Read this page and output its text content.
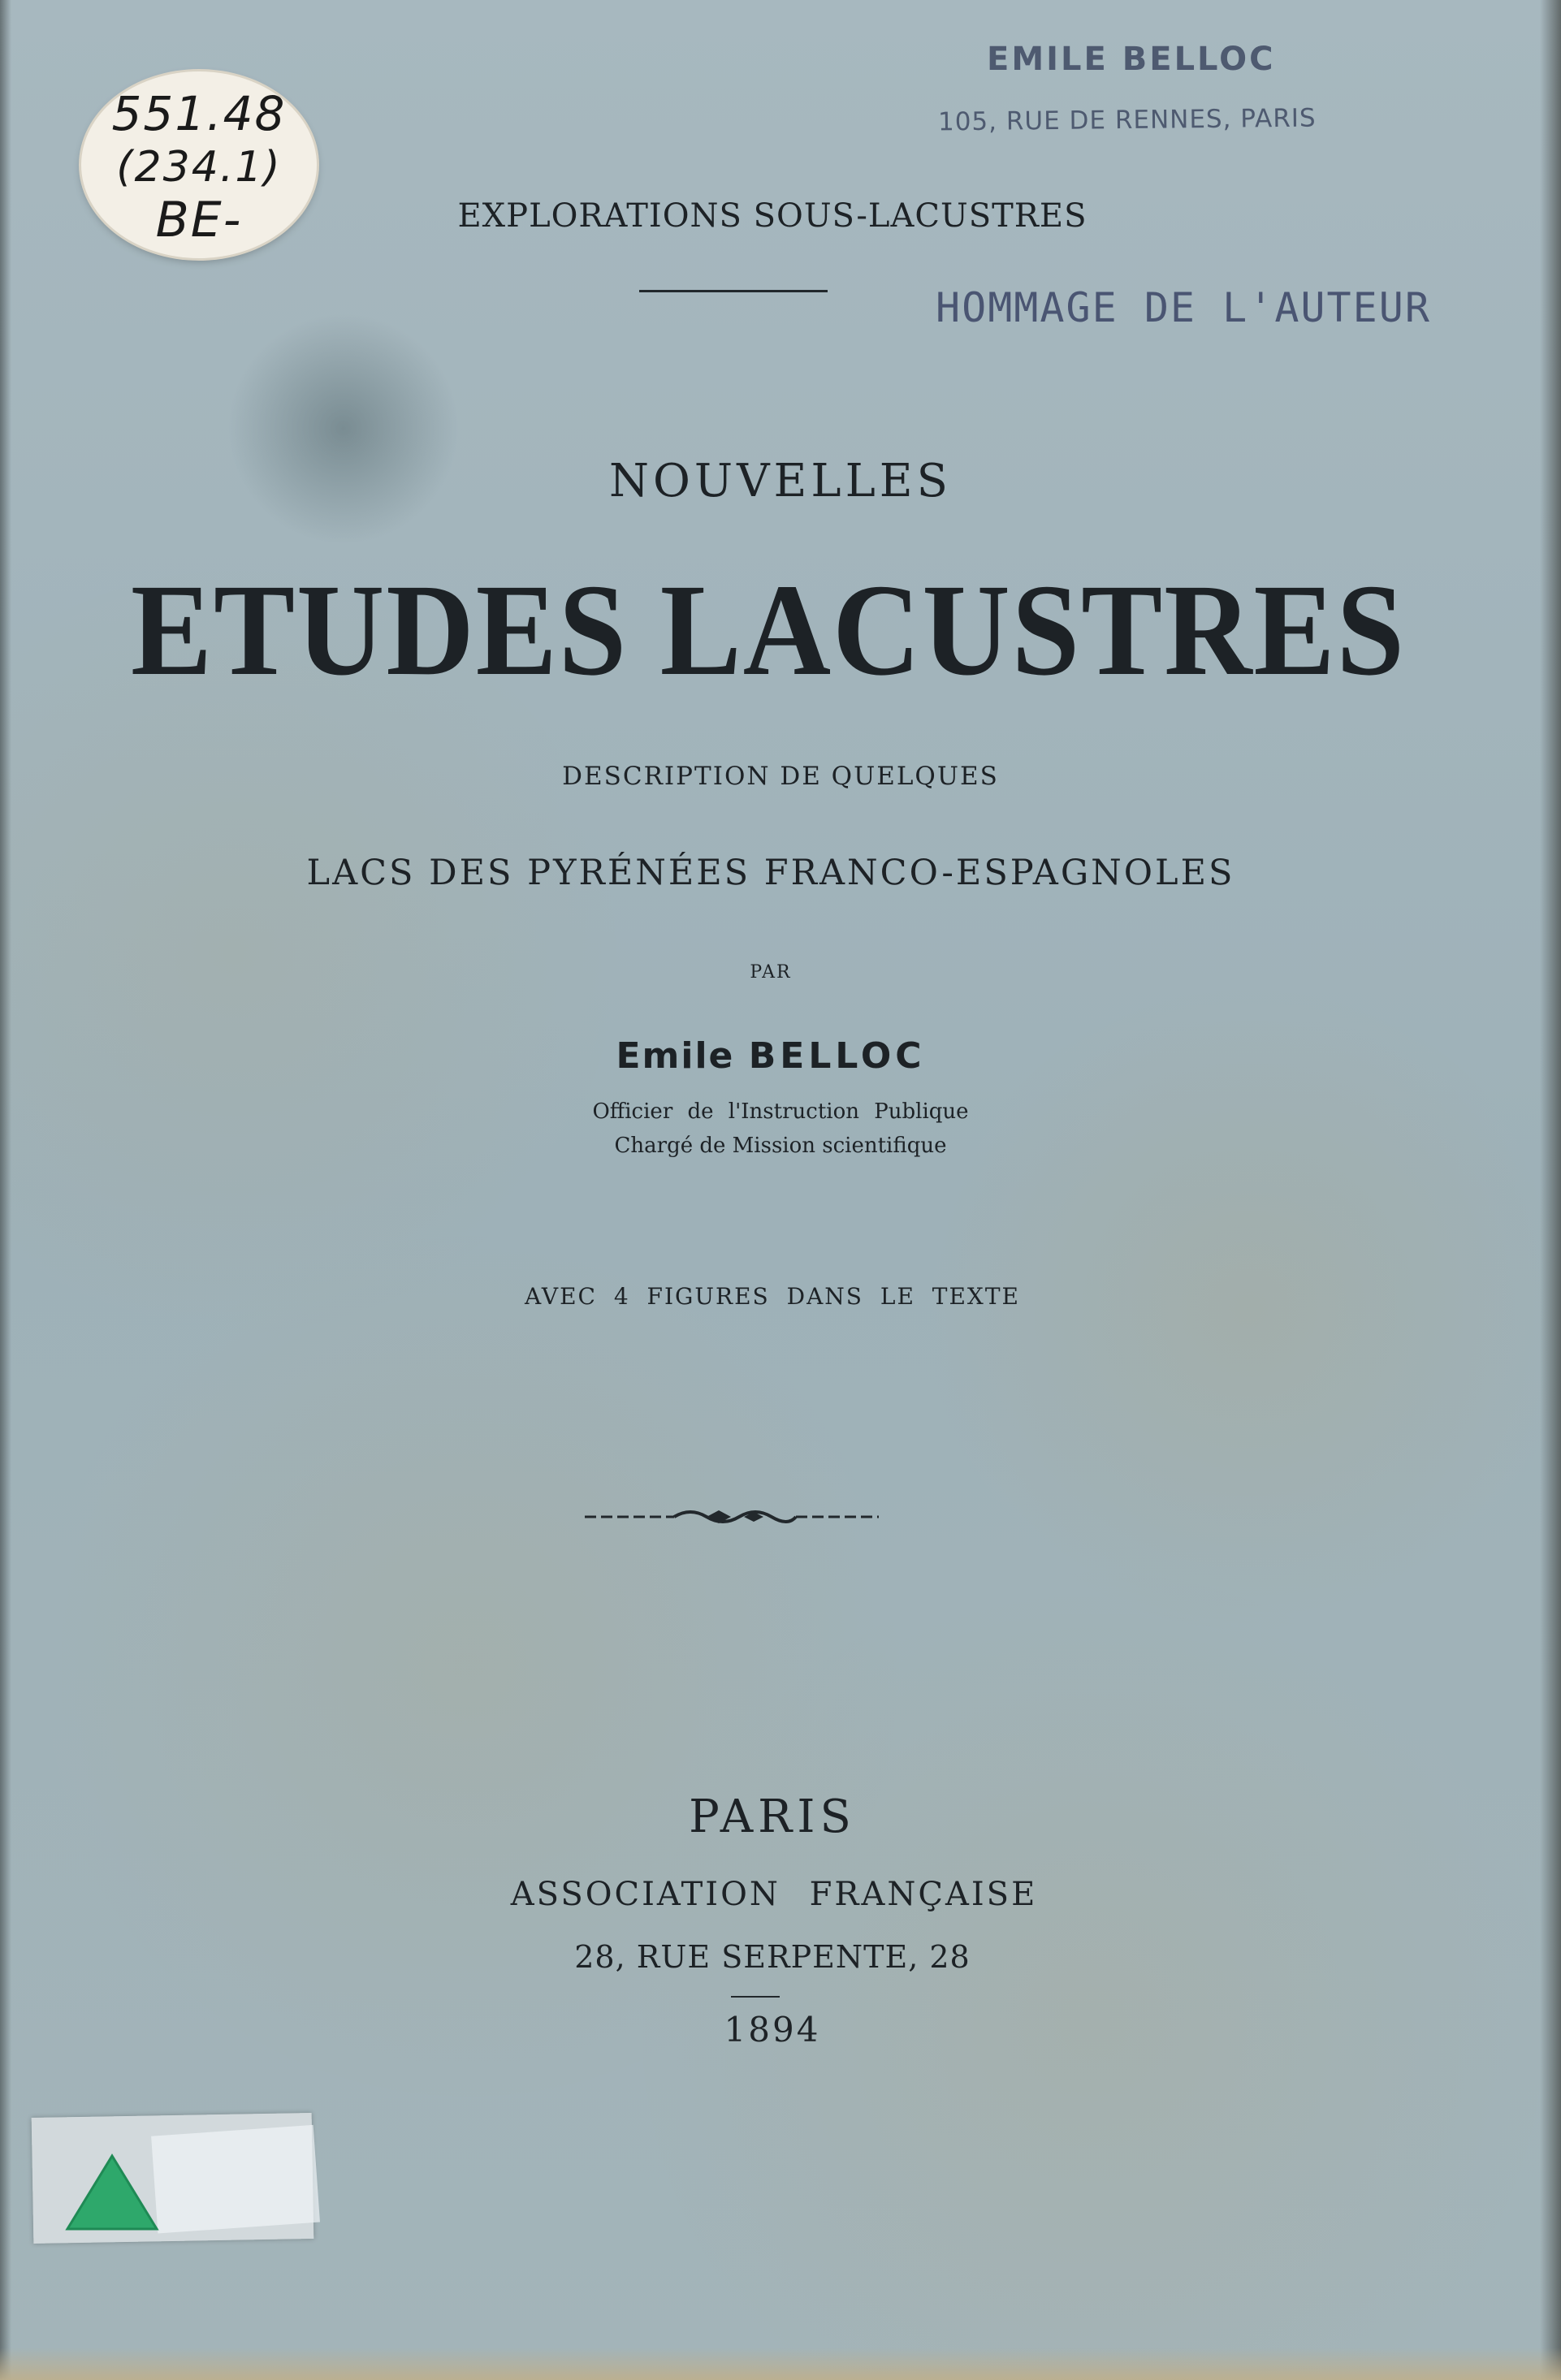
551.48
(234.1)
BE-
EMILE BELLOC
105, RUE DE RENNES, PARIS
HOMMAGE DE L'AUTEUR
EXPLORATIONS SOUS-LACUSTRES
NOUVELLES
ETUDES LACUSTRES
DESCRIPTION DE QUELQUES
LACS DES PYRÉNÉES FRANCO-ESPAGNOLES
PAR
Emile BELLOC
Officier de l'Instruction Publique
Chargé de Mission scientifique
AVEC 4 FIGURES DANS LE TEXTE
PARIS
ASSOCIATION FRANÇAISE
28, RUE SERPENTE, 28
1894
